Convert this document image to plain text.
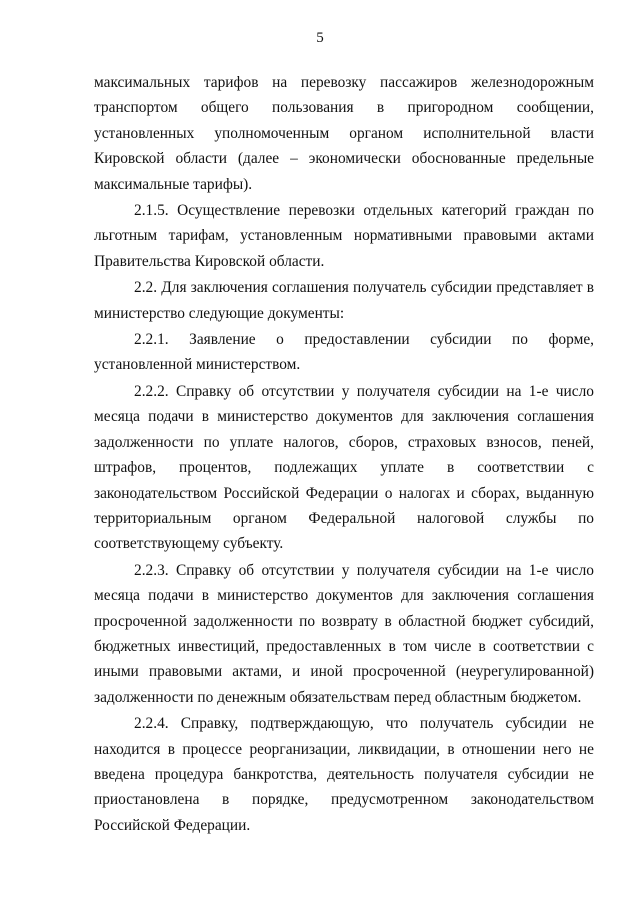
5

максимальных тарифов на перевозку пассажиров железнодорожным транспортом общего пользования в пригородном сообщении, установленных уполномоченным органом исполнительной власти Кировской области (далее – экономически обоснованные предельные максимальные тарифы).

2.1.5. Осуществление перевозки отдельных категорий граждан по льготным тарифам, установленным нормативными правовыми актами Правительства Кировской области.

2.2. Для заключения соглашения получатель субсидии представляет в министерство следующие документы:

2.2.1. Заявление о предоставлении субсидии по форме, установленной министерством.

2.2.2. Справку об отсутствии у получателя субсидии на 1-е число месяца подачи в министерство документов для заключения соглашения задолженности по уплате налогов, сборов, страховых взносов, пеней, штрафов, процентов, подлежащих уплате в соответствии с законодательством Российской Федерации о налогах и сборах, выданную территориальным органом Федеральной налоговой службы по соответствующему субъекту.

2.2.3. Справку об отсутствии у получателя субсидии на 1-е число месяца подачи в министерство документов для заключения соглашения просроченной задолженности по возврату в областной бюджет субсидий, бюджетных инвестиций, предоставленных в том числе в соответствии с иными правовыми актами, и иной просроченной (неурегулированной) задолженности по денежным обязательствам перед областным бюджетом.

2.2.4. Справку, подтверждающую, что получатель субсидии не находится в процессе реорганизации, ликвидации, в отношении него не введена процедура банкротства, деятельность получателя субсидии не приостановлена в порядке, предусмотренном законодательством Российской Федерации.
